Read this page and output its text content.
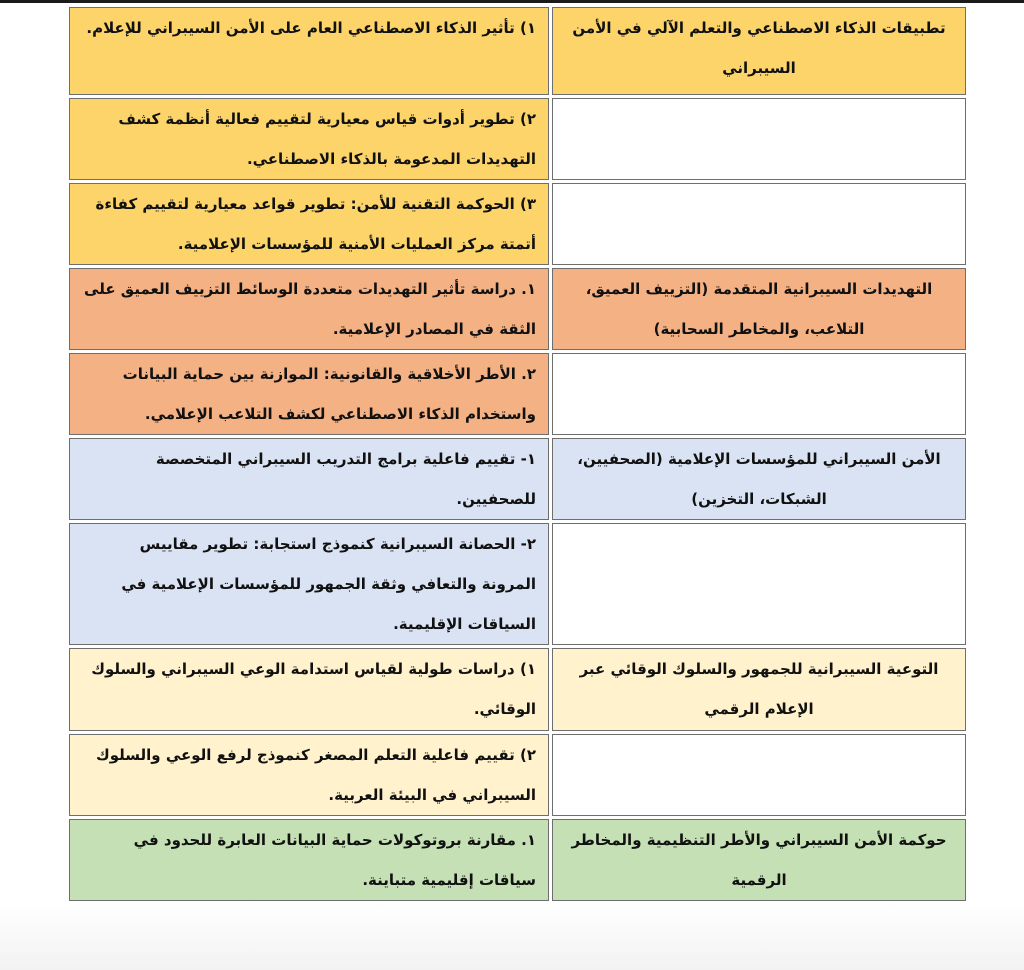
تطبيقات الذكاء الاصطناعي والتعلم الآلي في الأمن السيبراني	١) تأثير الذكاء الاصطناعي العام على الأمن السيبراني للإعلام.
	٢) تطوير أدوات قياس معيارية لتقييم فعالية أنظمة كشف التهديدات المدعومة بالذكاء الاصطناعي.
	٣) الحوكمة التقنية للأمن: تطوير قواعد معيارية لتقييم كفاءة أتمتة مركز العمليات الأمنية للمؤسسات الإعلامية.
التهديدات السيبرانية المتقدمة (التزييف العميق، التلاعب، والمخاطر السحابية)	١. دراسة تأثير التهديدات متعددة الوسائط التزييف العميق على الثقة في المصادر الإعلامية.
	٢. الأطر الأخلاقية والقانونية: الموازنة بين حماية البيانات واستخدام الذكاء الاصطناعي لكشف التلاعب الإعلامي.
الأمن السيبراني للمؤسسات الإعلامية (الصحفيين، الشبكات، التخزين)	١- تقييم فاعلية برامج التدريب السيبراني المتخصصة للصحفيين.
	٢- الحصانة السيبرانية كنموذج استجابة: تطوير مقاييس المرونة والتعافي وثقة الجمهور للمؤسسات الإعلامية في السياقات الإقليمية.
التوعية السيبرانية للجمهور والسلوك الوقائي عبر الإعلام الرقمي	١) دراسات طولية لقياس استدامة الوعي السيبراني والسلوك الوقائي.
	٢) تقييم فاعلية التعلم المصغر كنموذج لرفع الوعي والسلوك السيبراني في البيئة العربية.
حوكمة الأمن السيبراني والأطر التنظيمية والمخاطر الرقمية	١. مقارنة بروتوكولات حماية البيانات العابرة للحدود في سياقات إقليمية متباينة.
